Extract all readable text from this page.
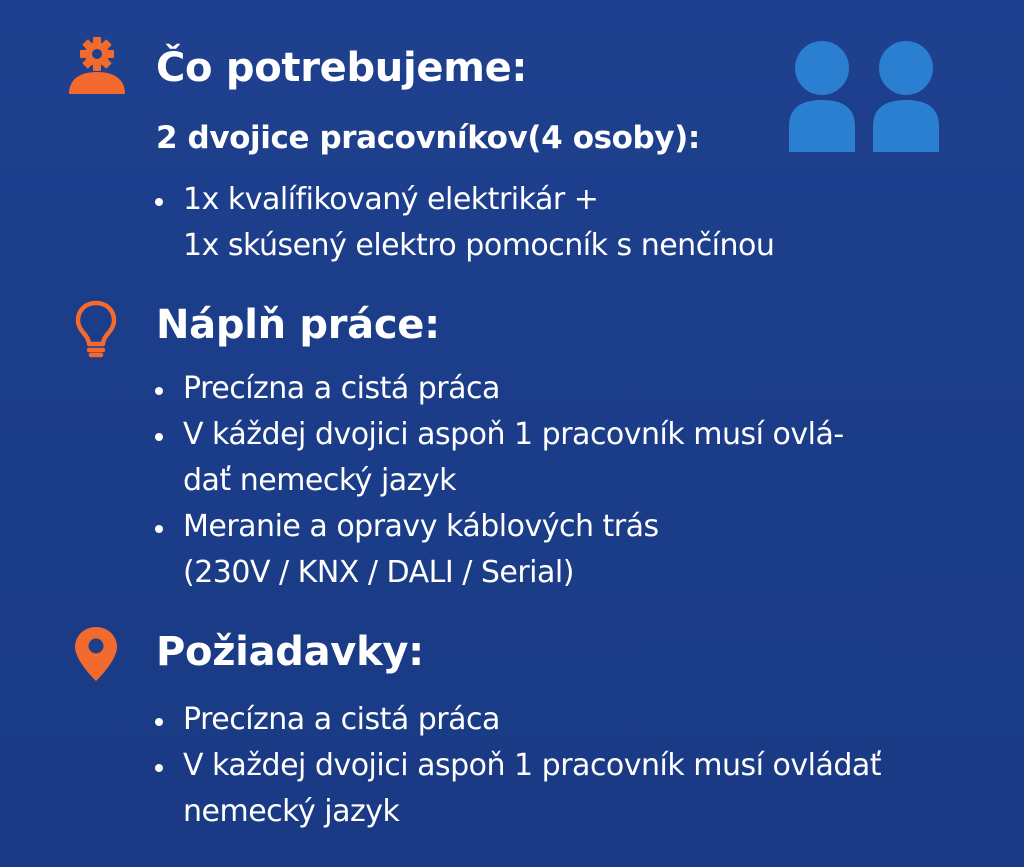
Čo potrebujeme:
2 dvojice pracovníkov(4 osoby):
1x kvalífikovaný elektrikár +
1x skúsený elektro pomocník s nenčínou
Náplň práce:
Precízna a cistá práca
V káždej dvojici aspoň 1 pracovník musí ovlá-
dať nemecký jazyk
Meranie a opravy káblových trás
(230V / KNX / DALI / Serial)
Požiadavky:
Precízna a cistá práca
V každej dvojici aspoň 1 pracovník musí ovládať
nemecký jazyk
